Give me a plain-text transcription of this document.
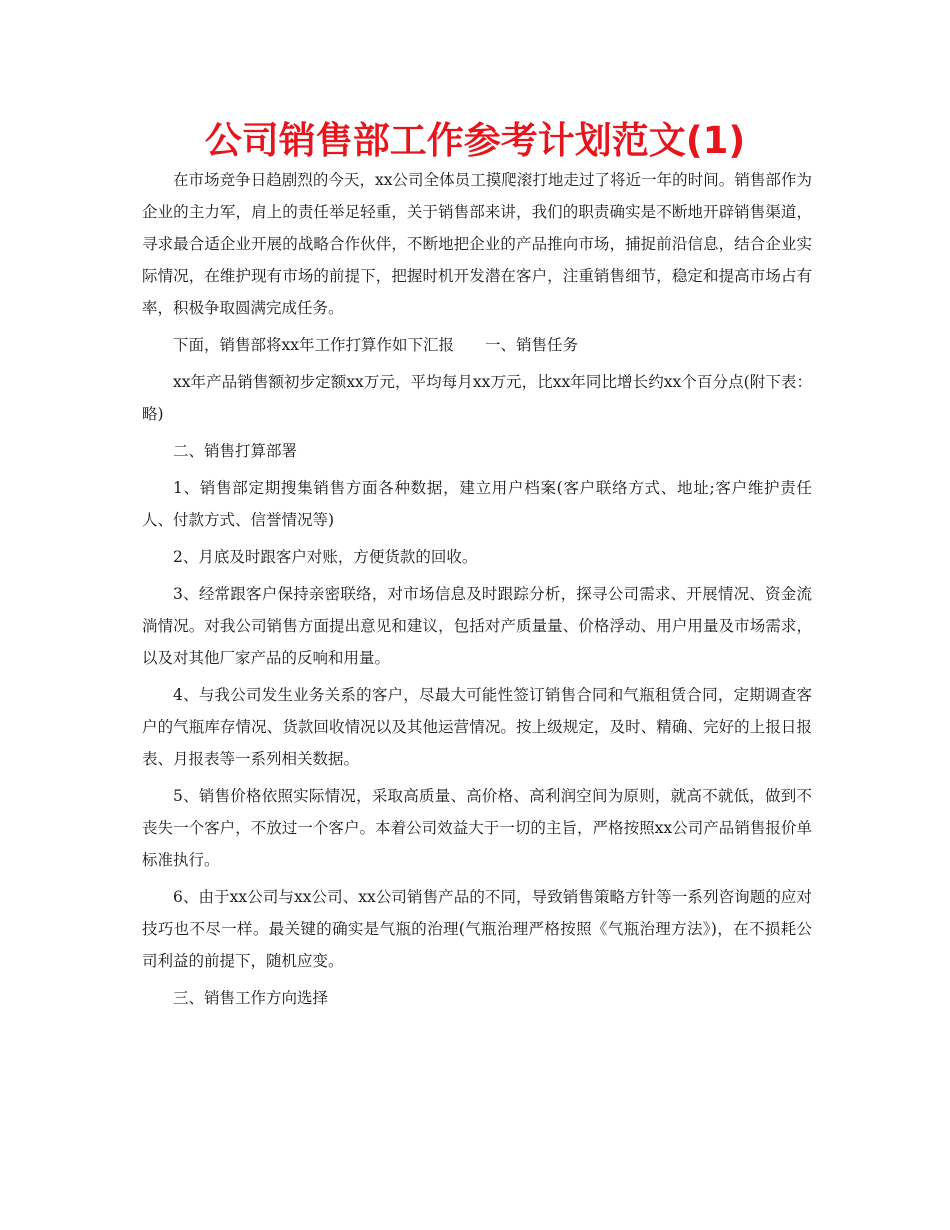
公司销售部工作参考计划范文(1)

在市场竞争日趋剧烈的今天，xx公司全体员工摸爬滚打地走过了将近一年的时间。销售部作为企业的主力军，肩上的责任举足轻重，关于销售部来讲，我们的职责确实是不断地开辟销售渠道，寻求最合适企业开展的战略合作伙伴，不断地把企业的产品推向市场，捕捉前沿信息，结合企业实际情况，在维护现有市场的前提下，把握时机开发潜在客户，注重销售细节，稳定和提高市场占有率，积极争取圆满完成任务。

下面，销售部将xx年工作打算作如下汇报　　一、销售任务

xx年产品销售额初步定额xx万元，平均每月xx万元，比xx年同比增长约xx个百分点(附下表：略)

二、销售打算部署

1、销售部定期搜集销售方面各种数据，建立用户档案(客户联络方式、地址;客户维护责任人、付款方式、信誉情况等)

2、月底及时跟客户对账，方便货款的回收。

3、经常跟客户保持亲密联络，对市场信息及时跟踪分析，探寻公司需求、开展情况、资金流淌情况。对我公司销售方面提出意见和建议，包括对产质量量、价格浮动、用户用量及市场需求，以及对其他厂家产品的反响和用量。

4、与我公司发生业务关系的客户，尽最大可能性签订销售合同和气瓶租赁合同，定期调查客户的气瓶库存情况、货款回收情况以及其他运营情况。按上级规定，及时、精确、完好的上报日报表、月报表等一系列相关数据。

5、销售价格依照实际情况，采取高质量、高价格、高利润空间为原则，就高不就低，做到不丧失一个客户，不放过一个客户。本着公司效益大于一切的主旨，严格按照xx公司产品销售报价单标准执行。

6、由于xx公司与xx公司、xx公司销售产品的不同，导致销售策略方针等一系列咨询题的应对技巧也不尽一样。最关键的确实是气瓶的治理(气瓶治理严格按照《气瓶治理方法》)，在不损耗公司利益的前提下，随机应变。

三、销售工作方向选择
